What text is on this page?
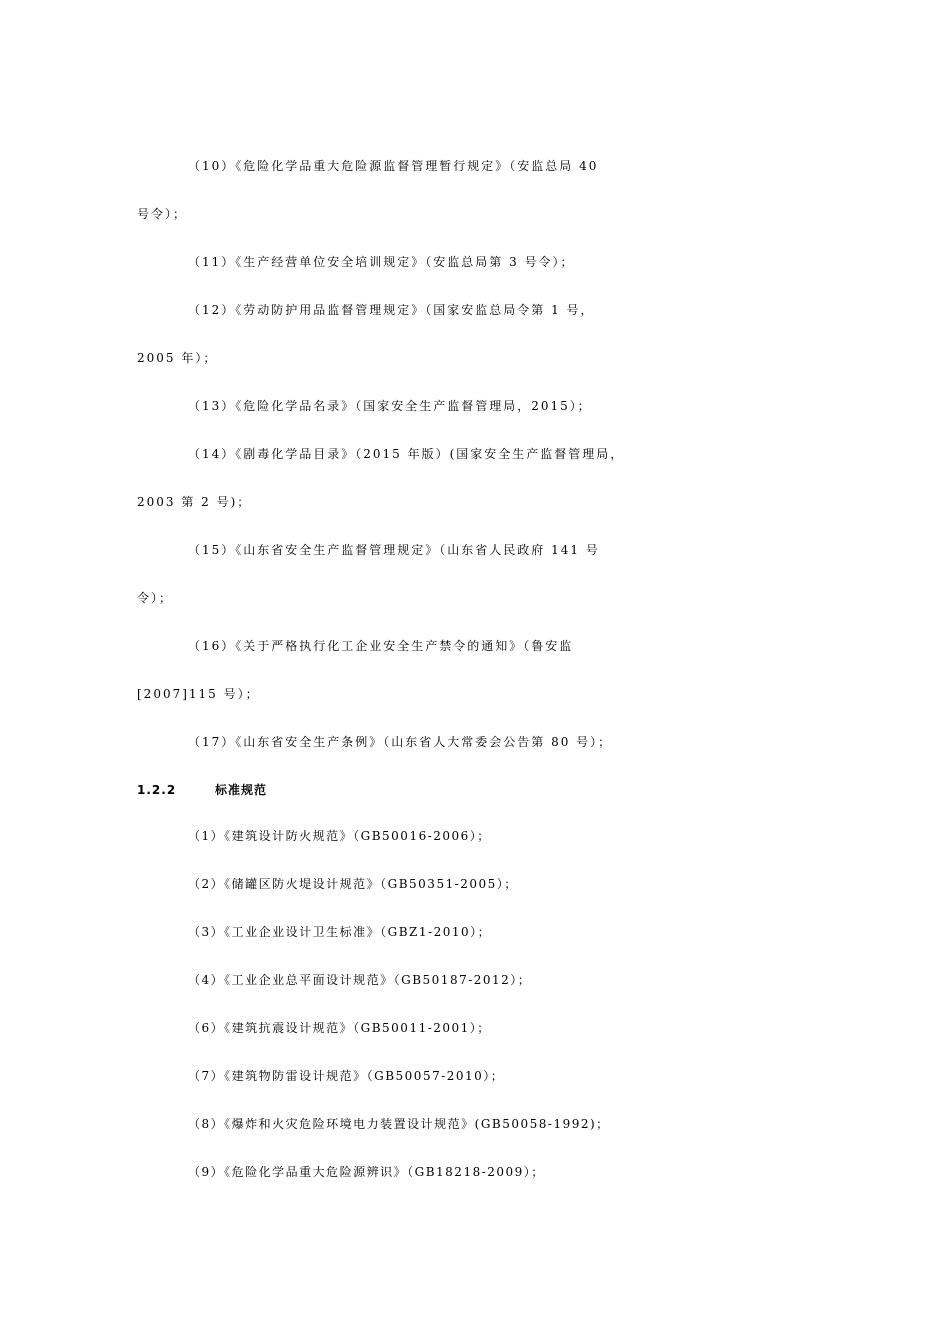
（10）《危险化学品重大危险源监督管理暂行规定》（安监总局 40
号令）；
（11）《生产经营单位安全培训规定》（安监总局第 3 号令）；
（12）《劳动防护用品监督管理规定》（国家安监总局令第 1 号，
2005 年）；
（13）《危险化学品名录》（国家安全生产监督管理局，2015）；
（14）《剧毒化学品目录》（2015 年版）(国家安全生产监督管理局，
2003 第 2 号)；
（15）《山东省安全生产监督管理规定》（山东省人民政府 141 号
令）；
（16）《关于严格执行化工企业安全生产禁令的通知》（鲁安监
[2007]115 号）；
（17）《山东省安全生产条例》（山东省人大常委会公告第 80 号）；
1.2.2	标准规范
（1）《建筑设计防火规范》（GB50016-2006）；
（2）《储罐区防火堤设计规范》（GB50351-2005）；
（3）《工业企业设计卫生标准》（GBZ1-2010）；
（4）《工业企业总平面设计规范》（GB50187-2012）；
（6）《建筑抗震设计规范》（GB50011-2001）；
（7）《建筑物防雷设计规范》（GB50057-2010）；
（8）《爆炸和火灾危险环境电力装置设计规范》(GB50058-1992)；
（9）《危险化学品重大危险源辨识》（GB18218-2009）；
